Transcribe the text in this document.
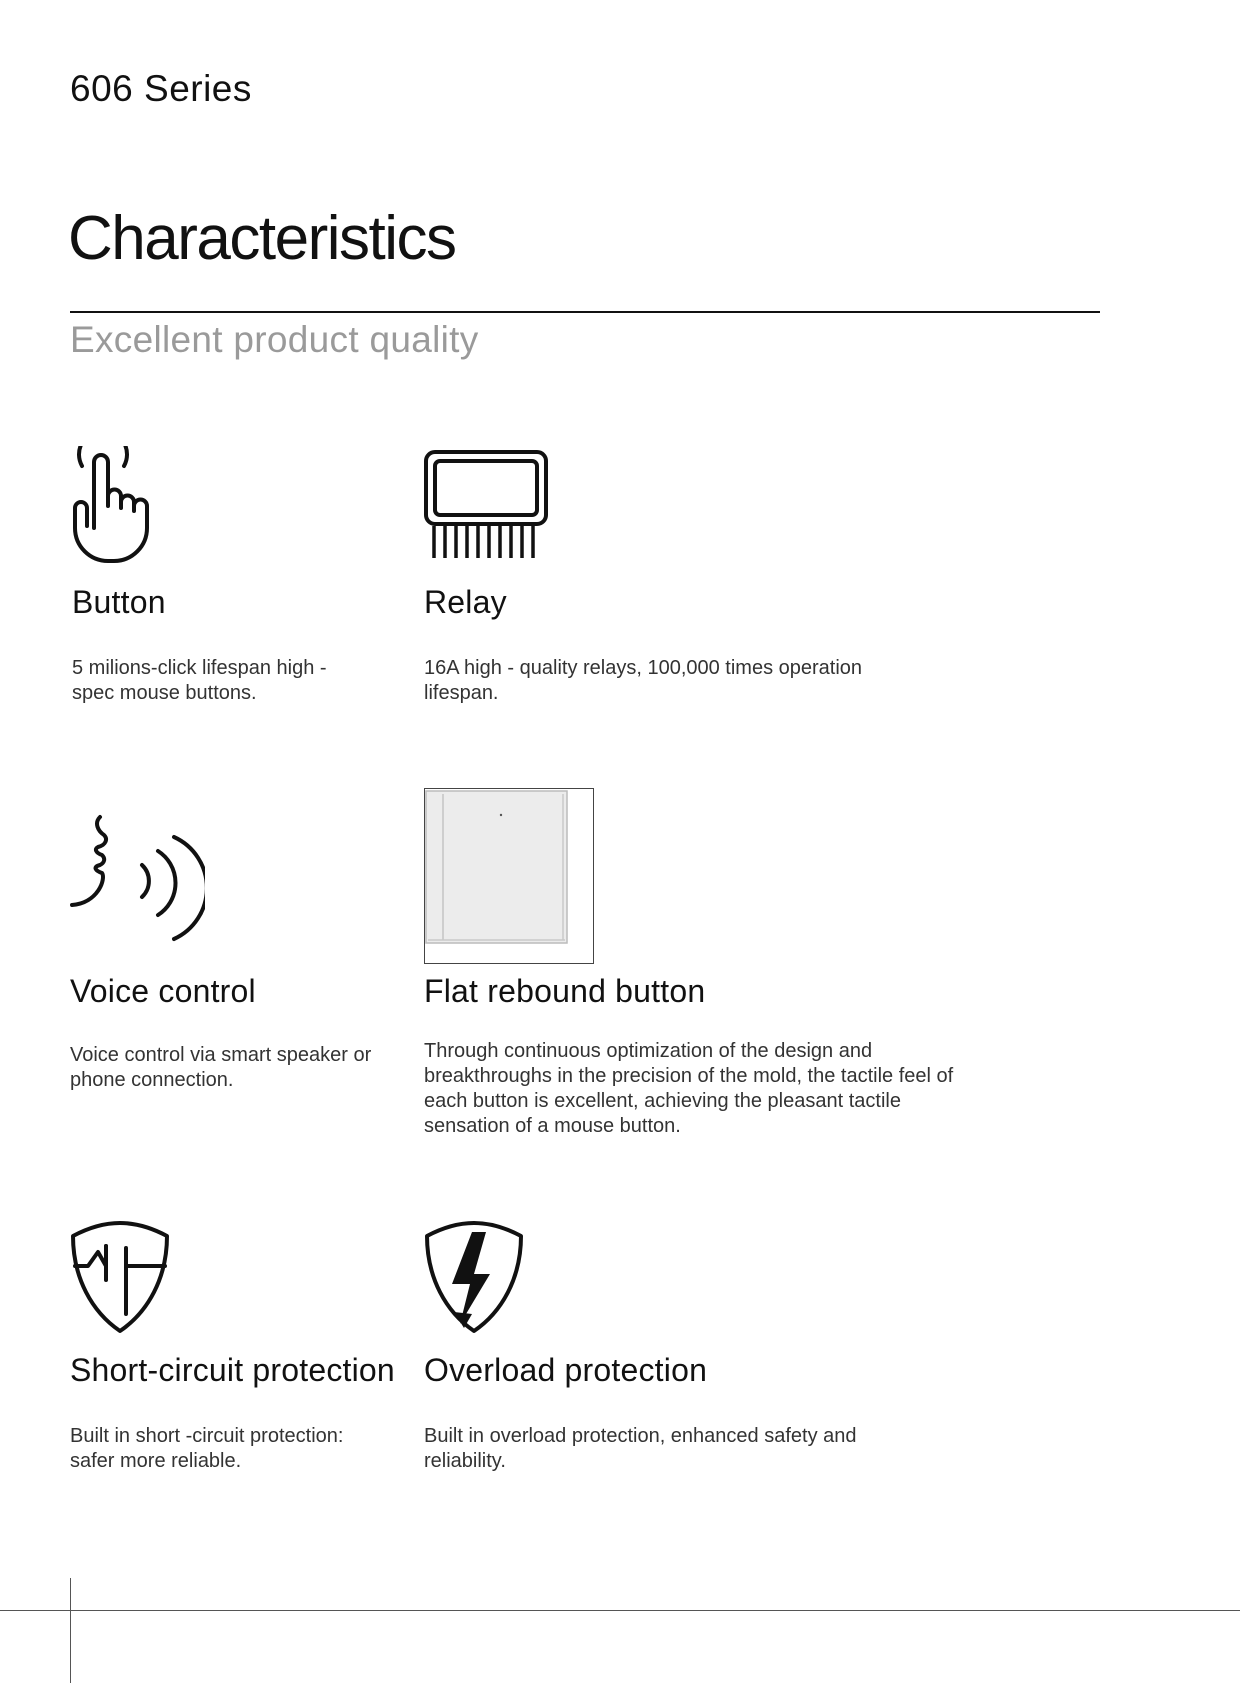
606 Series
Characteristics
Excellent product quality
Button
5 milions-click lifespan high -spec mouse buttons.
Relay
16A high - quality relays, 100,000 times operation lifespan.
Voice control
Voice control via smart speaker or phone connection.
Flat rebound button
Through continuous optimization of the design and breakthroughs in the precision of the mold, the tactile feel of each button is excellent, achieving the pleasant tactile sensation of a mouse button.
Short-circuit protection
Built in short -circuit protection: safer more reliable.
Overload protection
Built in overload protection, enhanced safety and reliability.
